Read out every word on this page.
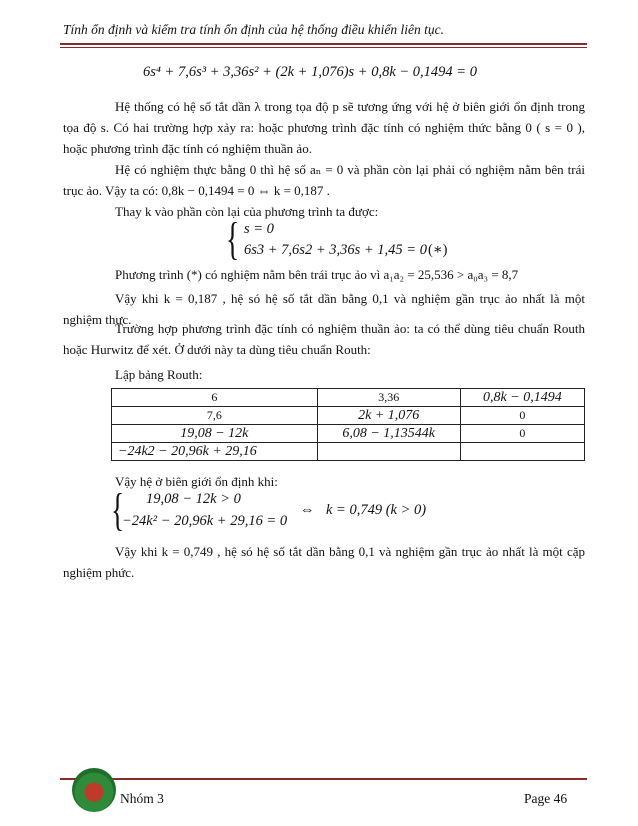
Tính ổn định và kiểm tra tính ổn định của hệ thống điều khiển liên tục.
6s⁴ + 7,6s³ + 3,36s² + (2k + 1,076)s + 0,8k − 0,1494 = 0
Hệ thống có hệ số tắt dần λ trong tọa độ p sẽ tương ứng với hệ ở biên giới ổn định trong tọa độ s. Có hai trường hợp xảy ra: hoặc phương trình đặc tính có nghiệm thức bằng 0 ( s = 0 ), hoặc phương trình đặc tính có nghiệm thuần ảo.
Hệ có nghiệm thực bằng 0 thì hệ số aₙ = 0 và phần còn lại phải có nghiệm nằm bên trái trục ảo. Vậy ta có: 0,8k − 0,1494 = 0 ⇔ k = 0,187 .
Thay k vào phần còn lại của phương trình ta được:
{ s = 0
6s3 + 7,6s2 + 3,36s + 1,45 = 0 (∗)
Phương trình (*) có nghiệm nằm bên trái trục ảo vì a₁a₂ = 25,536 > a₀a₃ = 8,7
Vậy khi k = 0,187 , hệ só hệ số tắt dần bằng 0,1 và nghiệm gần trục ảo nhất là một nghiệm thực.
Trường hợp phương trình đặc tính có nghiệm thuần ảo: ta có thể dùng tiêu chuẩn Routh hoặc Hurwitz để xét. Ở dưới này ta dùng tiêu chuẩn Routh:
Lập bảng Routh:
6	3,36	0,8k − 0,1494
7,6	2k + 1,076	0
19,08 − 12k	6,08 − 1,13544k	0
−24k2 − 20,96k + 29,16		
Vậy hệ ở biên giới ổn định khi:
{ 19,08 − 12k > 0
−24k² − 20,96k + 29,16 = 0
⇔ k = 0,749 (k > 0)
Vậy khi k = 0,749 , hệ só hệ số tắt dần bằng 0,1 và nghiệm gần trục ảo nhất là một cặp nghiệm phức.
Nhóm 3	Page 46
